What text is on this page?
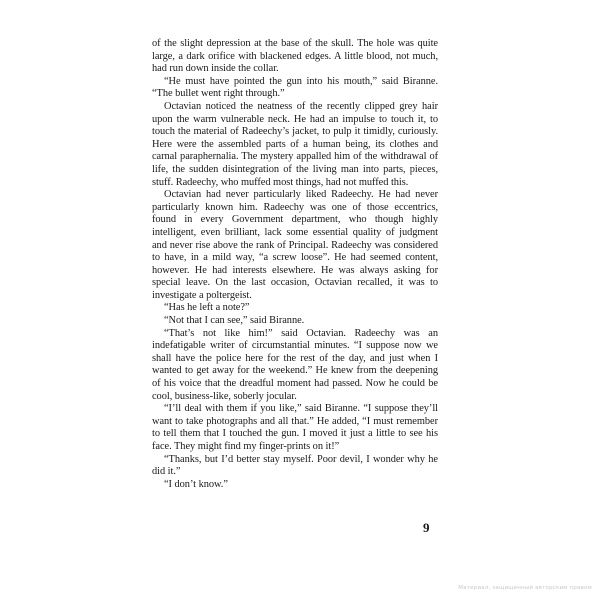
of the slight depression at the base of the skull. The hole was quite large, a dark orifice with blackened edges. A little blood, not much, had run down inside the collar.

“He must have pointed the gun into his mouth,” said Biranne. “The bullet went right through.”

Octavian noticed the neatness of the recently clipped grey hair upon the warm vulnerable neck. He had an impulse to touch it, to touch the material of Radeechy’s jacket, to pulp it timidly, curiously. Here were the assembled parts of a human being, its clothes and carnal paraphernalia. The mystery appalled him of the withdrawal of life, the sudden disintegration of the living man into parts, pieces, stuff. Radeechy, who muffed most things, had not muffed this.

Octavian had never particularly liked Radeechy. He had never particularly known him. Radeechy was one of those eccentrics, found in every Government department, who though highly intelligent, even brilliant, lack some essential quality of judgment and never rise above the rank of Principal. Radeechy was considered to have, in a mild way, “a screw loose”. He had seemed content, however. He had interests elsewhere. He was always asking for special leave. On the last occasion, Octavian recalled, it was to investigate a poltergeist.

“Has he left a note?”

“Not that I can see,” said Biranne.

“That’s not like him!” said Octavian. Radeechy was an indefatigable writer of circumstantial minutes. “I suppose now we shall have the police here for the rest of the day, and just when I wanted to get away for the weekend.” He knew from the deepening of his voice that the dreadful moment had passed. Now he could be cool, business-like, soberly jocular.

“I’ll deal with them if you like,” said Biranne. “I suppose they’ll want to take photographs and all that.” He added, “I must remember to tell them that I touched the gun. I moved it just a little to see his face. They might find my finger-prints on it!”

“Thanks, but I’d better stay myself. Poor devil, I wonder why he did it.”

“I don’t know.”

9
Материал, защищенный авторским правом
